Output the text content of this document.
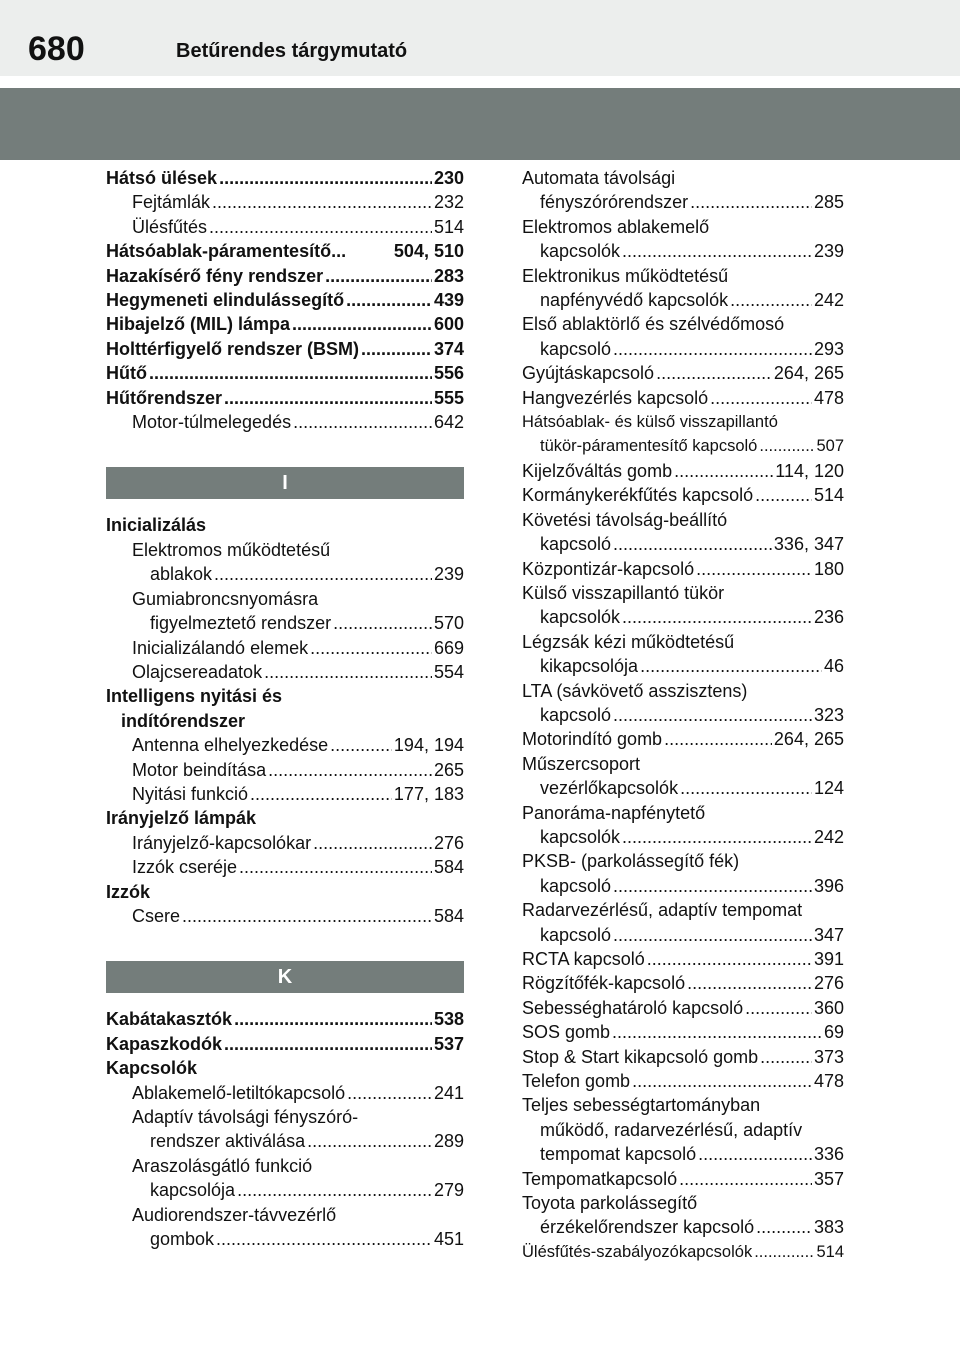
680	Betűrendes tárgymutató
Hátsó ülések .....	230
Fejtámlák .....	232
Ülésfűtés .....	514
Hátsóablak-páramentesítő...	504, 510
Hazakísérő fény rendszer .....	283
Hegymeneti elindulássegítő .....	439
Hibajelző (MIL) lámpa .....	600
Holttérfigyelő rendszer (BSM) .....	374
Hűtő .....	556
Hűtőrendszer .....	555
Motor-túlmelegedés .....	642
I
Inicializálás
Elektromos működtetésű
ablakok .....	239
Gumiabroncsnyomásra
figyelmeztető rendszer .....	570
Inicializálandó elemek .....	669
Olajcsereadatok .....	554
Intelligens nyitási és
indítórendszer
Antenna elhelyezkedése .....	194, 194
Motor beindítása .....	265
Nyitási funkció .....	177, 183
Irányjelző lámpák
Irányjelző-kapcsolókar .....	276
Izzók cseréje .....	584
Izzók
Csere .....	584
K
Kabátakasztók .....	538
Kapaszkodók .....	537
Kapcsolók
Ablakemelő-letiltókapcsoló .....	241
Adaptív távolsági fényszóró-
rendszer aktiválása .....	289
Araszolásgátló funkció
kapcsolója .....	279
Audiorendszer-távvezérlő
gombok .....	451
Automata távolsági
fényszórórendszer .....	285
Elektromos ablakemelő
kapcsolók .....	239
Elektronikus működtetésű
napfényvédő kapcsolók .....	242
Első ablaktörlő és szélvédőmosó
kapcsoló .....	293
Gyújtáskapcsoló .....	264, 265
Hangvezérlés kapcsoló .....	478
Hátsóablak- és külső visszapillantó
tükör-páramentesítő kapcsoló .....	507
Kijelzőváltás gomb .....	114, 120
Kormánykerékfűtés kapcsoló .....	514
Követési távolság-beállító
kapcsoló .....	336, 347
Központizár-kapcsoló .....	180
Külső visszapillantó tükör
kapcsolók .....	236
Légzsák kézi működtetésű
kikapcsolója .....	46
LTA (sávkövető asszisztens)
kapcsoló .....	323
Motorindító gomb .....	264, 265
Műszercsoport
vezérlőkapcsolók .....	124
Panoráma-napfénytető
kapcsolók .....	242
PKSB- (parkolássegítő fék)
kapcsoló .....	396
Radarvezérlésű, adaptív tempomat
kapcsoló .....	347
RCTA kapcsoló .....	391
Rögzítőfék-kapcsoló .....	276
Sebességhatároló kapcsoló .....	360
SOS gomb .....	69
Stop & Start kikapcsoló gomb .....	373
Telefon gomb .....	478
Teljes sebességtartományban
működő, radarvezérlésű, adaptív
tempomat kapcsoló .....	336
Tempomatkapcsoló .....	357
Toyota parkolássegítő
érzékelőrendszer kapcsoló .....	383
Ülésfűtés-szabályozókapcsolók .....	514
